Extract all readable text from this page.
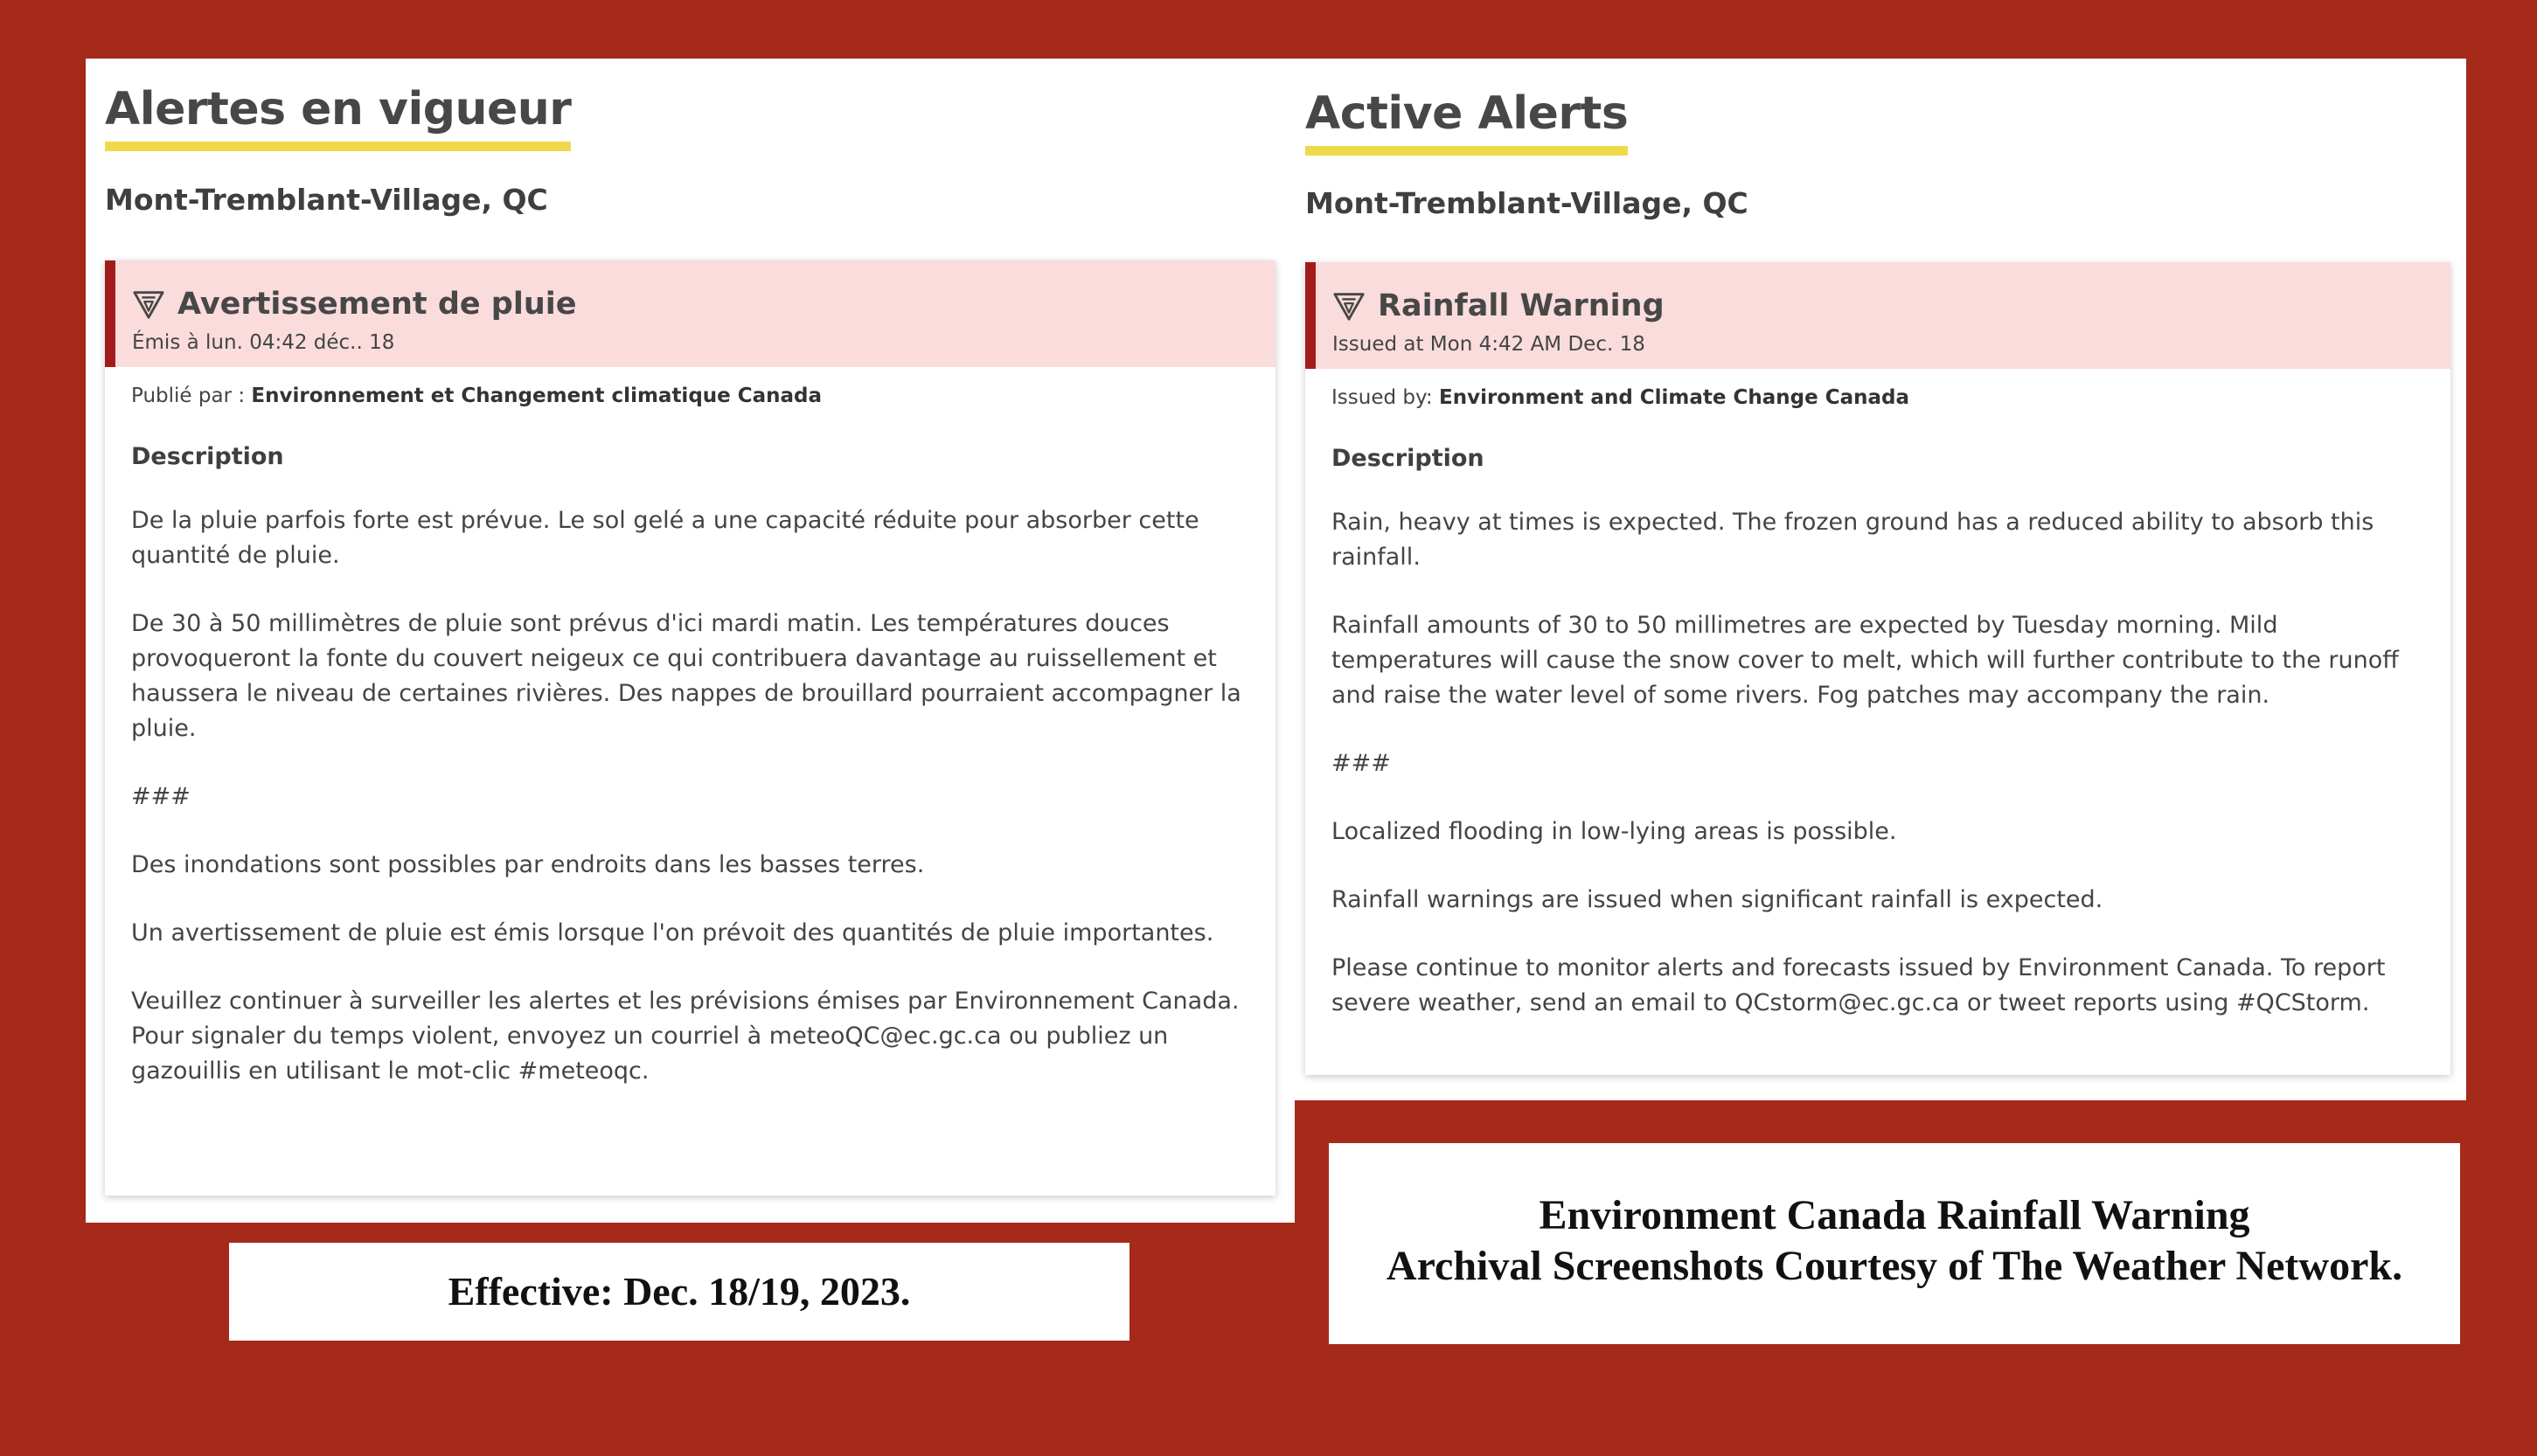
Alertes en vigueur
Mont-Tremblant-Village, QC
Avertissement de pluie
Émis à lun. 04:42 déc.. 18
Publié par : Environnement et Changement climatique Canada
Description

De la pluie parfois forte est prévue. Le sol gelé a une capacité réduite pour absorber cette quantité de pluie.

De 30 à 50 millimètres de pluie sont prévus d'ici mardi matin. Les températures douces provoqueront la fonte du couvert neigeux ce qui contribuera davantage au ruissellement et haussera le niveau de certaines rivières. Des nappes de brouillard pourraient accompagner la pluie.

###

Des inondations sont possibles par endroits dans les basses terres.

Un avertissement de pluie est émis lorsque l'on prévoit des quantités de pluie importantes.

Veuillez continuer à surveiller les alertes et les prévisions émises par Environnement Canada. Pour signaler du temps violent, envoyez un courriel à meteoQC@ec.gc.ca ou publiez un gazouillis en utilisant le mot-clic #meteoqc.

Active Alerts
Mont-Tremblant-Village, QC
Rainfall Warning
Issued at Mon 4:42 AM Dec. 18
Issued by: Environment and Climate Change Canada
Description

Rain, heavy at times is expected. The frozen ground has a reduced ability to absorb this rainfall.

Rainfall amounts of 30 to 50 millimetres are expected by Tuesday morning. Mild temperatures will cause the snow cover to melt, which will further contribute to the runoff and raise the water level of some rivers. Fog patches may accompany the rain.

###

Localized flooding in low-lying areas is possible.

Rainfall warnings are issued when significant rainfall is expected.

Please continue to monitor alerts and forecasts issued by Environment Canada. To report severe weather, send an email to QCstorm@ec.gc.ca or tweet reports using #QCStorm.

Effective: Dec. 18/19, 2023.
Environment Canada Rainfall Warning
Archival Screenshots Courtesy of The Weather Network.
